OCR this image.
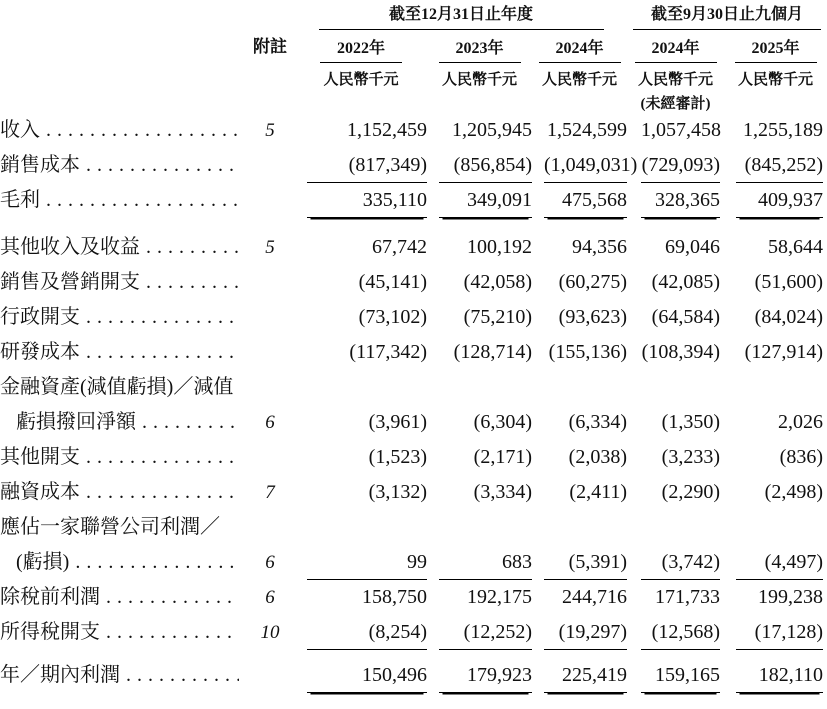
		截至12月31日止年度			截至9月30日止九個月	
	附註	2022年	2023年	2024年	2024年	2025年

		人民幣千元	人民幣千元	人民幣千元	人民幣千元	人民幣千元

					(未經審計)	

收入
.....	5	1,152,459	1,205,945	1,524,599	1,057,458	1,255,189

銷售成本
.....		(817,349)	(856,854)	(1,049,031)	(729,093)	(845,252)

毛利
.....		335,110	349,091	475,568	328,365	409,937

其他收入及收益
.....	5	67,742	100,192	94,356	69,046	58,644

銷售及營銷開支
.....		(45,141)	(42,058)	(60,275)	(42,085)	(51,600)

行政開支
.....		(73,102)	(75,210)	(93,623)	(64,584)	(84,024)

研發成本
.....		(117,342)	(128,714)	(155,136)	(108,394)	(127,914)

金融資產(減值虧損)／減值
虧損撥回淨額
.....	6	(3,961)	(6,304)	(6,334)	(1,350)	2,026

其他開支
.....		(1,523)	(2,171)	(2,038)	(3,233)	(836)

融資成本
.....	7	(3,132)	(3,334)	(2,411)	(2,290)	(2,498)

應佔一家聯營公司利潤／
(虧損)
.....	6	99	683	(5,391)	(3,742)	(4,497)

除稅前利潤
.....	6	158,750	192,175	244,716	171,733	199,238

所得稅開支
.....	10	(8,254)	(12,252)	(19,297)	(12,568)	(17,128)

年／期內利潤
.....		150,496	179,923	225,419	159,165	182,110
